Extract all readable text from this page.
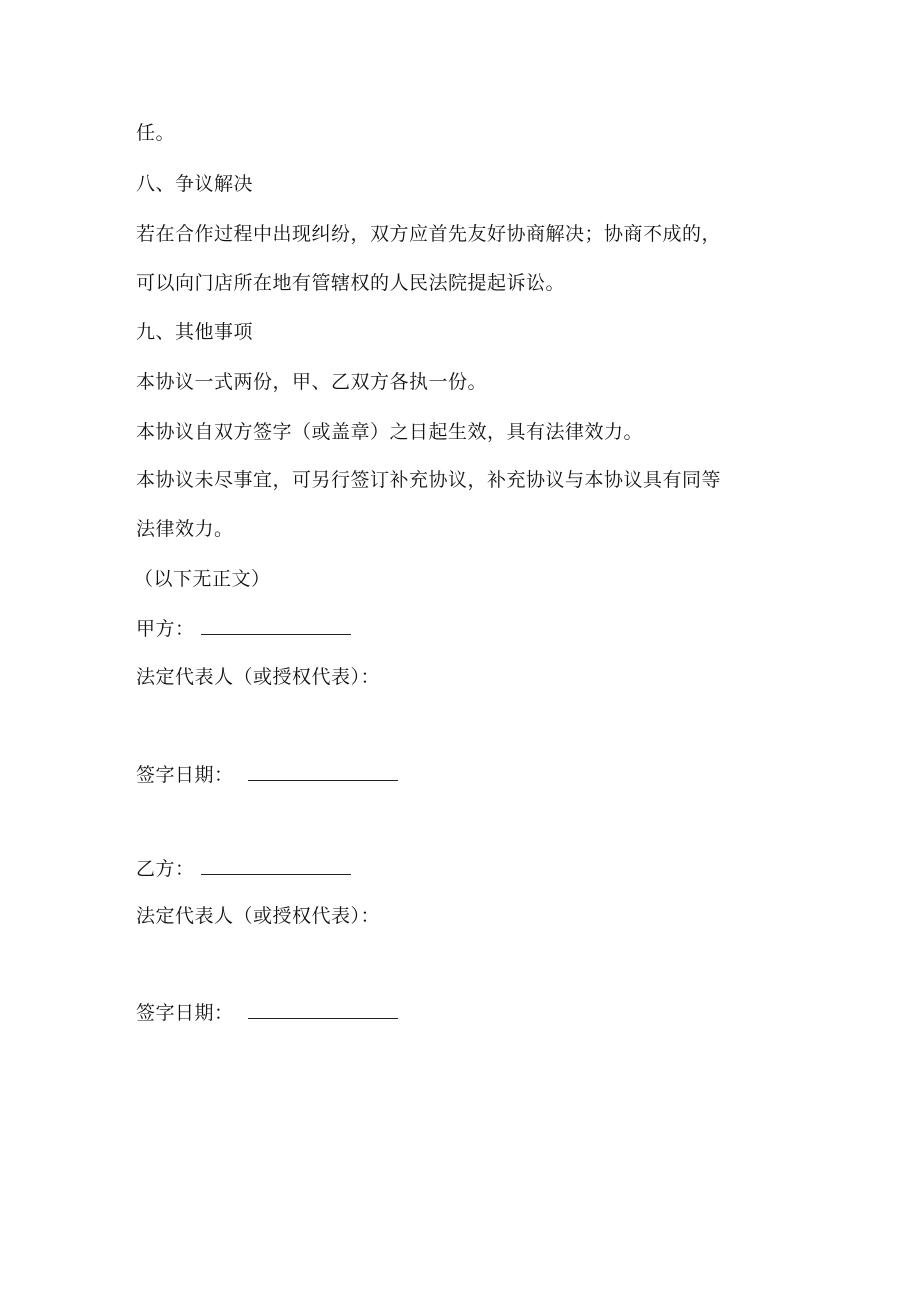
任。
八、争议解决
若在合作过程中出现纠纷，双方应首先友好协商解决；协商不成的，
可以向门店所在地有管辖权的人民法院提起诉讼。
九、其他事项
本协议一式两份，甲、乙双方各执一份。
本协议自双方签字（或盖章）之日起生效，具有法律效力。
本协议未尽事宜，可另行签订补充协议，补充协议与本协议具有同等
法律效力。
（以下无正文）
甲方：
法定代表人（或授权代表）：
签字日期：
乙方：
法定代表人（或授权代表）：
签字日期：
